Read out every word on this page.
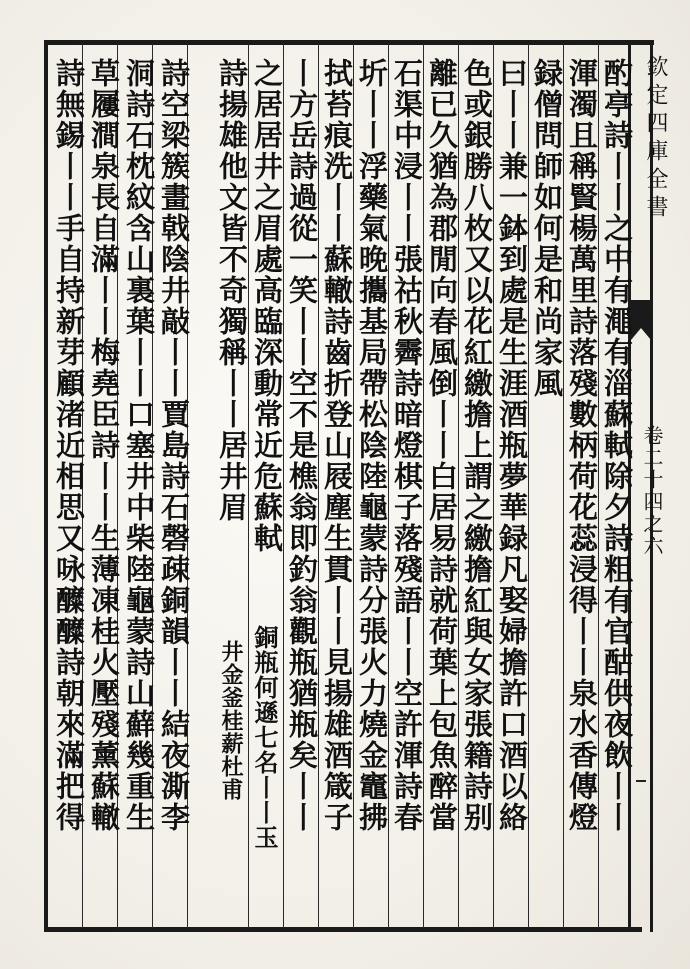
欽定四庫全書
卷二十四之六
酌亭詩丨丨之中有澠有淄蘇軾除夕詩粗有官酤供夜飲丨丨
渾濁且稱賢楊萬里詩落殘數柄荷花蕊浸得丨丨泉水香傳燈
録僧問師如何是和尚家風
曰丨丨兼一鉢到處是生涯酒瓶夢華録凡娶婦擔許口酒以絡
色或銀勝八枚又以花紅繳擔上謂之繳擔紅與女家張籍詩别
離已久猶為郡閒向春風倒丨丨白居易詩就荷葉上包魚醉當
石渠中浸丨丨張祜秋霽詩暗燈棋子落殘語丨丨空許渾詩春
圻丨丨浮藥氣晚攜基局帶松陰陸龜蒙詩分張火力燒金竈拂
拭苔痕洗丨丨蘇轍詩齒折登山屐塵生貫丨丨見揚雄酒箴子
丨方岳詩過從一笑丨丨空不是樵翁即釣翁觀瓶猶瓶矣丨丨
之居居井之眉處高臨深動常近危蘇軾
詩揚雄他文皆不奇獨稱丨丨居井眉
銅瓶何遜七名丨丨玉
井金釜桂薪杜甫
詩空梁簇畫戟陰井敲丨丨賈島詩石磬疎銅韻丨丨結夜澌李
洞詩石枕紋含山裏葉丨丨口塞井中柴陸龜蒙詩山蘚幾重生
草屨澗泉長自滿丨丨梅堯臣詩丨丨生薄凍桂火壓殘薰蘇轍
詩無錫丨丨手自持新芽顧渚近相思又咏醾醾詩朝來滿把得
